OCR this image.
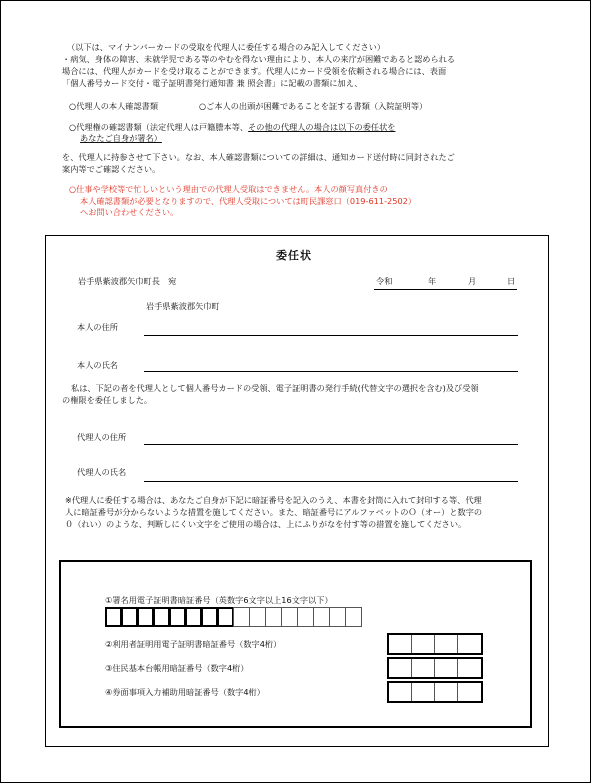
（以下は、マイナンバーカードの受取を代理人に委任する場合のみ記入してください）
・病気、身体の障害、未就学児である等のやむを得ない理由により、本人の来庁が困難であると認められる
場合には、代理人がカードを受け取ることができます。代理人にカード受領を依頼される場合には、表面
「個人番号カード交付・電子証明書発行通知書 兼 照会書」に記載の書類に加え、
○代理人の本人確認書類	○ご本人の出頭が困難であることを証する書類（入院証明等）
○代理権の確認書類（法定代理人は戸籍謄本等、その他の代理人の場合は以下の委任状を
あなたご自身が署名）
を、代理人に持参させて下さい。なお、本人確認書類についての詳細は、通知カード送付時に同封されたご
案内等でご確認ください。
○仕事や学校等で忙しいという理由での代理人受取はできません。本人の顔写真付きの
本人確認書類が必要となりますので、代理人受取については町民課窓口（019-611-2502）
へお問い合わせください。
委任状
岩手県紫波郡矢巾町長　宛	令和	年	月	日
岩手県紫波郡矢巾町
本人の住所
本人の氏名
私は、下記の者を代理人として個人番号カードの受領、電子証明書の発行手続(代替文字の選択を含む)及び受領
の権限を委任しました。
代理人の住所
代理人の氏名
※代理人に委任する場合は、あなたご自身が下記に暗証番号を記入のうえ、本書を封筒に入れて封印する等、代理
人に暗証番号が分からないような措置を施してください。また、暗証番号にアルファベットのＯ（オー）と数字の
０（れい）のような、判断しにくい文字をご使用の場合は、上にふりがなを付す等の措置を施してください。
①署名用電子証明書暗証番号（英数字6文字以上16文字以下）
②利用者証明用電子証明書暗証番号（数字4桁）
③住民基本台帳用暗証番号（数字4桁）
④券面事項入力補助用暗証番号（数字4桁）
